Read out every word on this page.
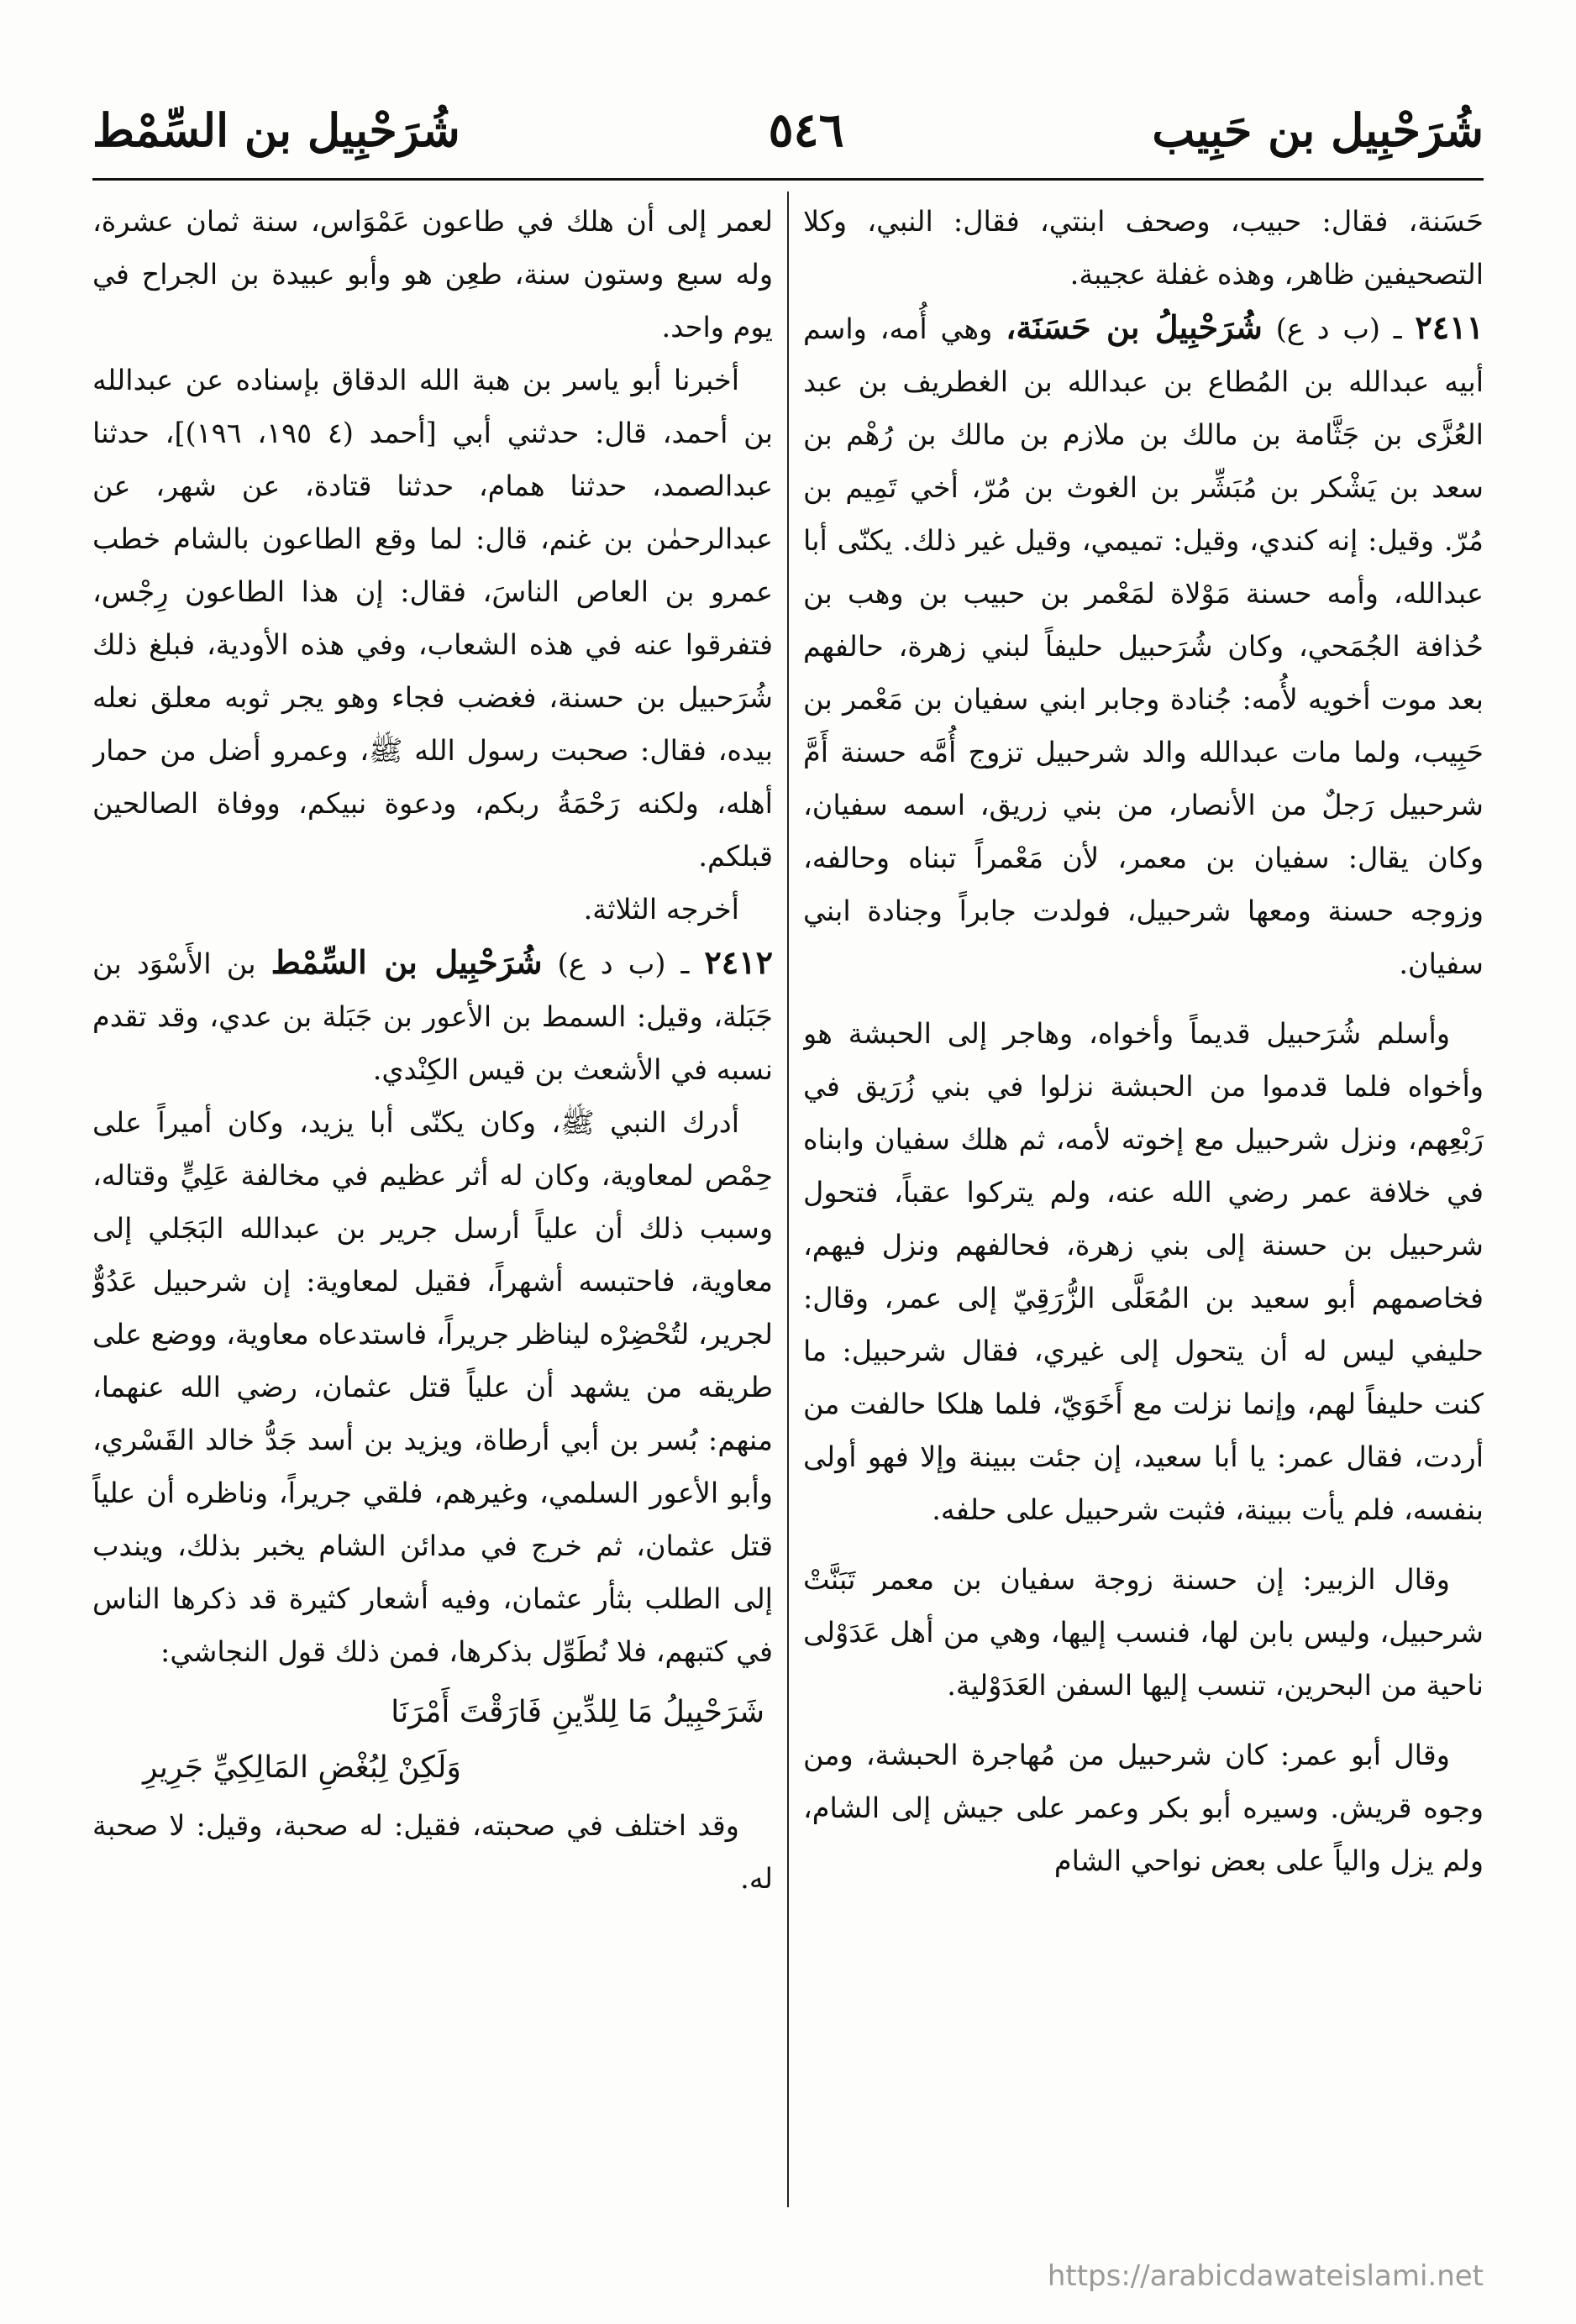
شُرَحْبِيل بن حَبِيب
٥٤٦
شُرَحْبِيل بن السِّمْط

حَسَنة، فقال: حبيب، وصحف ابنتي، فقال: النبي، وكلا التصحيفين ظاهر، وهذه غفلة عجيبة.

٢٤١١ ـ (ب د ع) شُرَحْبِيلُ بن حَسَنَة، وهي أُمه، واسم أبيه عبدالله بن المُطاع بن عبدالله بن الغطريف بن عبد العُزَّى بن جَثَّامة بن مالك بن ملازم بن مالك بن رُهْم بن سعد بن يَشْكر بن مُبَشِّر بن الغوث بن مُرّ، أخي تَمِيم بن مُرّ. وقيل: إنه كندي، وقيل: تميمي، وقيل غير ذلك. يكنّى أبا عبدالله، وأمه حسنة مَوْلاة لمَعْمر بن حبيب بن وهب بن حُذافة الجُمَحي، وكان شُرَحبيل حليفاً لبني زهرة، حالفهم بعد موت أخويه لأُمه: جُنادة وجابر ابني سفيان بن مَعْمر بن حَبِيب، ولما مات عبدالله والد شرحبيل تزوج أُمَّه حسنة أَمَّ شرحبيل رَجلٌ من الأنصار، من بني زريق، اسمه سفيان، وكان يقال: سفيان بن معمر، لأن مَعْمراً تبناه وحالفه، وزوجه حسنة ومعها شرحبيل، فولدت جابراً وجنادة ابني سفيان.

وأسلم شُرَحبيل قديماً وأخواه، وهاجر إلى الحبشة هو وأخواه فلما قدموا من الحبشة نزلوا في بني زُرَيق في رَبْعِهم، ونزل شرحبيل مع إخوته لأمه، ثم هلك سفيان وابناه في خلافة عمر رضي الله عنه، ولم يتركوا عقباً، فتحول شرحبيل بن حسنة إلى بني زهرة، فحالفهم ونزل فيهم، فخاصمهم أبو سعيد بن المُعَلَّى الزُّرَقِيّ إلى عمر، وقال: حليفي ليس له أن يتحول إلى غيري، فقال شرحبيل: ما كنت حليفاً لهم، وإنما نزلت مع أَخَوَيّ، فلما هلكا حالفت من أردت، فقال عمر: يا أبا سعيد، إن جئت ببينة وإلا فهو أولى بنفسه، فلم يأت ببينة، فثبت شرحبيل على حلفه.

وقال الزبير: إن حسنة زوجة سفيان بن معمر تَبَنَّتْ شرحبيل، وليس بابن لها، فنسب إليها، وهي من أهل عَدَوْلى ناحية من البحرين، تنسب إليها السفن العَدَوْلية.

وقال أبو عمر: كان شرحبيل من مُهاجرة الحبشة، ومن وجوه قريش. وسيره أبو بكر وعمر على جيش إلى الشام، ولم يزل والياً على بعض نواحي الشام

لعمر إلى أن هلك في طاعون عَمْوَاس، سنة ثمان عشرة، وله سبع وستون سنة، طعِن هو وأبو عبيدة بن الجراح في يوم واحد.

أخبرنا أبو ياسر بن هبة الله الدقاق بإسناده عن عبدالله بن أحمد، قال: حدثني أبي [أحمد (٤ ١٩٥، ١٩٦)]، حدثنا عبدالصمد، حدثنا همام، حدثنا قتادة، عن شهر، عن عبدالرحمٰن بن غنم، قال: لما وقع الطاعون بالشام خطب عمرو بن العاص الناسَ، فقال: إن هذا الطاعون رِجْس، فتفرقوا عنه في هذه الشعاب، وفي هذه الأودية، فبلغ ذلك شُرَحبيل بن حسنة، فغضب فجاء وهو يجر ثوبه معلق نعله بيده، فقال: صحبت رسول الله ﷺ، وعمرو أضل من حمار أهله، ولكنه رَحْمَةُ ربكم، ودعوة نبيكم، ووفاة الصالحين قبلكم.

أخرجه الثلاثة.

٢٤١٢ ـ (ب د ع) شُرَحْبِيل بن السِّمْط بن الأَسْوَد بن جَبَلة، وقيل: السمط بن الأعور بن جَبَلة بن عدي، وقد تقدم نسبه في الأشعث بن قيس الكِنْدي.

أدرك النبي ﷺ، وكان يكنّى أبا يزيد، وكان أميراً على حِمْص لمعاوية، وكان له أثر عظيم في مخالفة عَلِيٍّ وقتاله، وسبب ذلك أن علياً أرسل جرير بن عبدالله البَجَلي إلى معاوية، فاحتبسه أشهراً، فقيل لمعاوية: إن شرحبيل عَدُوٌّ لجرير، لتُحْضِرْه ليناظر جريراً، فاستدعاه معاوية، ووضع على طريقه من يشهد أن علياً قتل عثمان، رضي الله عنهما، منهم: بُسر بن أبي أرطاة، ويزيد بن أسد جَدُّ خالد القَسْري، وأبو الأعور السلمي، وغيرهم، فلقي جريراً، وناظره أن علياً قتل عثمان، ثم خرج في مدائن الشام يخبر بذلك، ويندب إلى الطلب بثأر عثمان، وفيه أشعار كثيرة قد ذكرها الناس في كتبهم، فلا نُطَوِّل بذكرها، فمن ذلك قول النجاشي:

شَرَحْبِيلُ مَا لِلدِّينِ فَارَقْتَ أَمْرَنَا
وَلَكِنْ لِبُغْضِ المَالِكِيِّ جَرِيرِ

وقد اختلف في صحبته، فقيل: له صحبة، وقيل: لا صحبة له.

https://arabicdawateislami.net
